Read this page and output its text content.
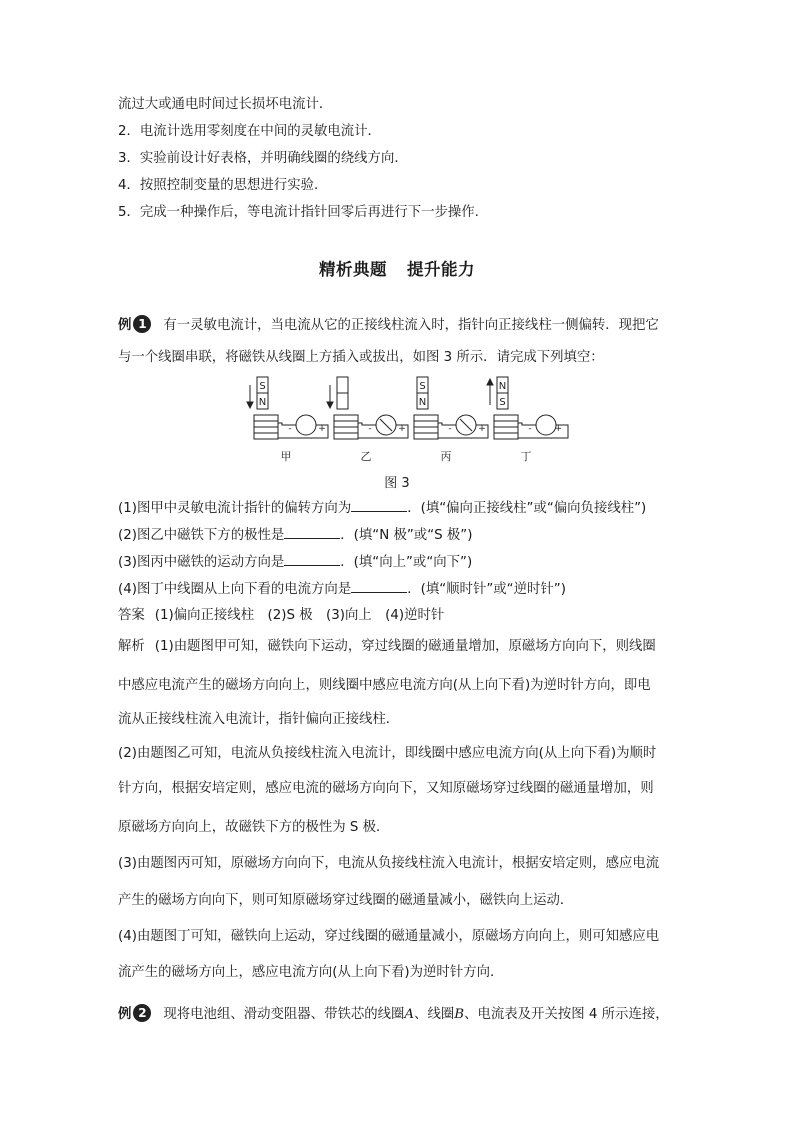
流过大或通电时间过长损坏电流计．
2．电流计选用零刻度在中间的灵敏电流计．
3．实验前设计好表格，并明确线圈的绕线方向．
4．按照控制变量的思想进行实验．
5．完成一种操作后，等电流计指针回零后再进行下一步操作.
精析典题 提升能力
例 1 有一灵敏电流计，当电流从它的正接线柱流入时，指针向正接线柱一侧偏转．现把它
与一个线圈串联，将磁铁从线圈上方插入或拔出，如图 3 所示．请完成下列填空：
S
N
S
N
N
S
-	+	-	+	-	+	-	+
甲	乙	丙	丁
图 3
(1)图甲中灵敏电流计指针的偏转方向为	．(填“偏向正接线柱”或“偏向负接线柱”)
(2)图乙中磁铁下方的极性是	．(填“N 极”或“S 极”)
(3)图丙中磁铁的运动方向是	．(填“向上”或“向下”)
(4)图丁中线圈从上向下看的电流方向是	．(填“顺时针”或“逆时针”)
答案 (1)偏向正接线柱　(2)S 极　(3)向上　(4)逆时针
解析 (1)由题图甲可知，磁铁向下运动，穿过线圈的磁通量增加，原磁场方向向下，则线圈
中感应电流产生的磁场方向向上，则线圈中感应电流方向(从上向下看)为逆时针方向，即电
流从正接线柱流入电流计，指针偏向正接线柱．
(2)由题图乙可知，电流从负接线柱流入电流计，即线圈中感应电流方向(从上向下看)为顺时
针方向，根据安培定则，感应电流的磁场方向向下，又知原磁场穿过线圈的磁通量增加，则
原磁场方向向上，故磁铁下方的极性为 S 极．
(3)由题图丙可知，原磁场方向向下，电流从负接线柱流入电流计，根据安培定则，感应电流
产生的磁场方向向下，则可知原磁场穿过线圈的磁通量减小，磁铁向上运动．
(4)由题图丁可知，磁铁向上运动，穿过线圈的磁通量减小，原磁场方向向上，则可知感应电
流产生的磁场方向上，感应电流方向(从上向下看)为逆时针方向．
例 2 现将电池组、滑动变阻器、带铁芯的线圈A、线圈B、电流表及开关按图 4 所示连接，
